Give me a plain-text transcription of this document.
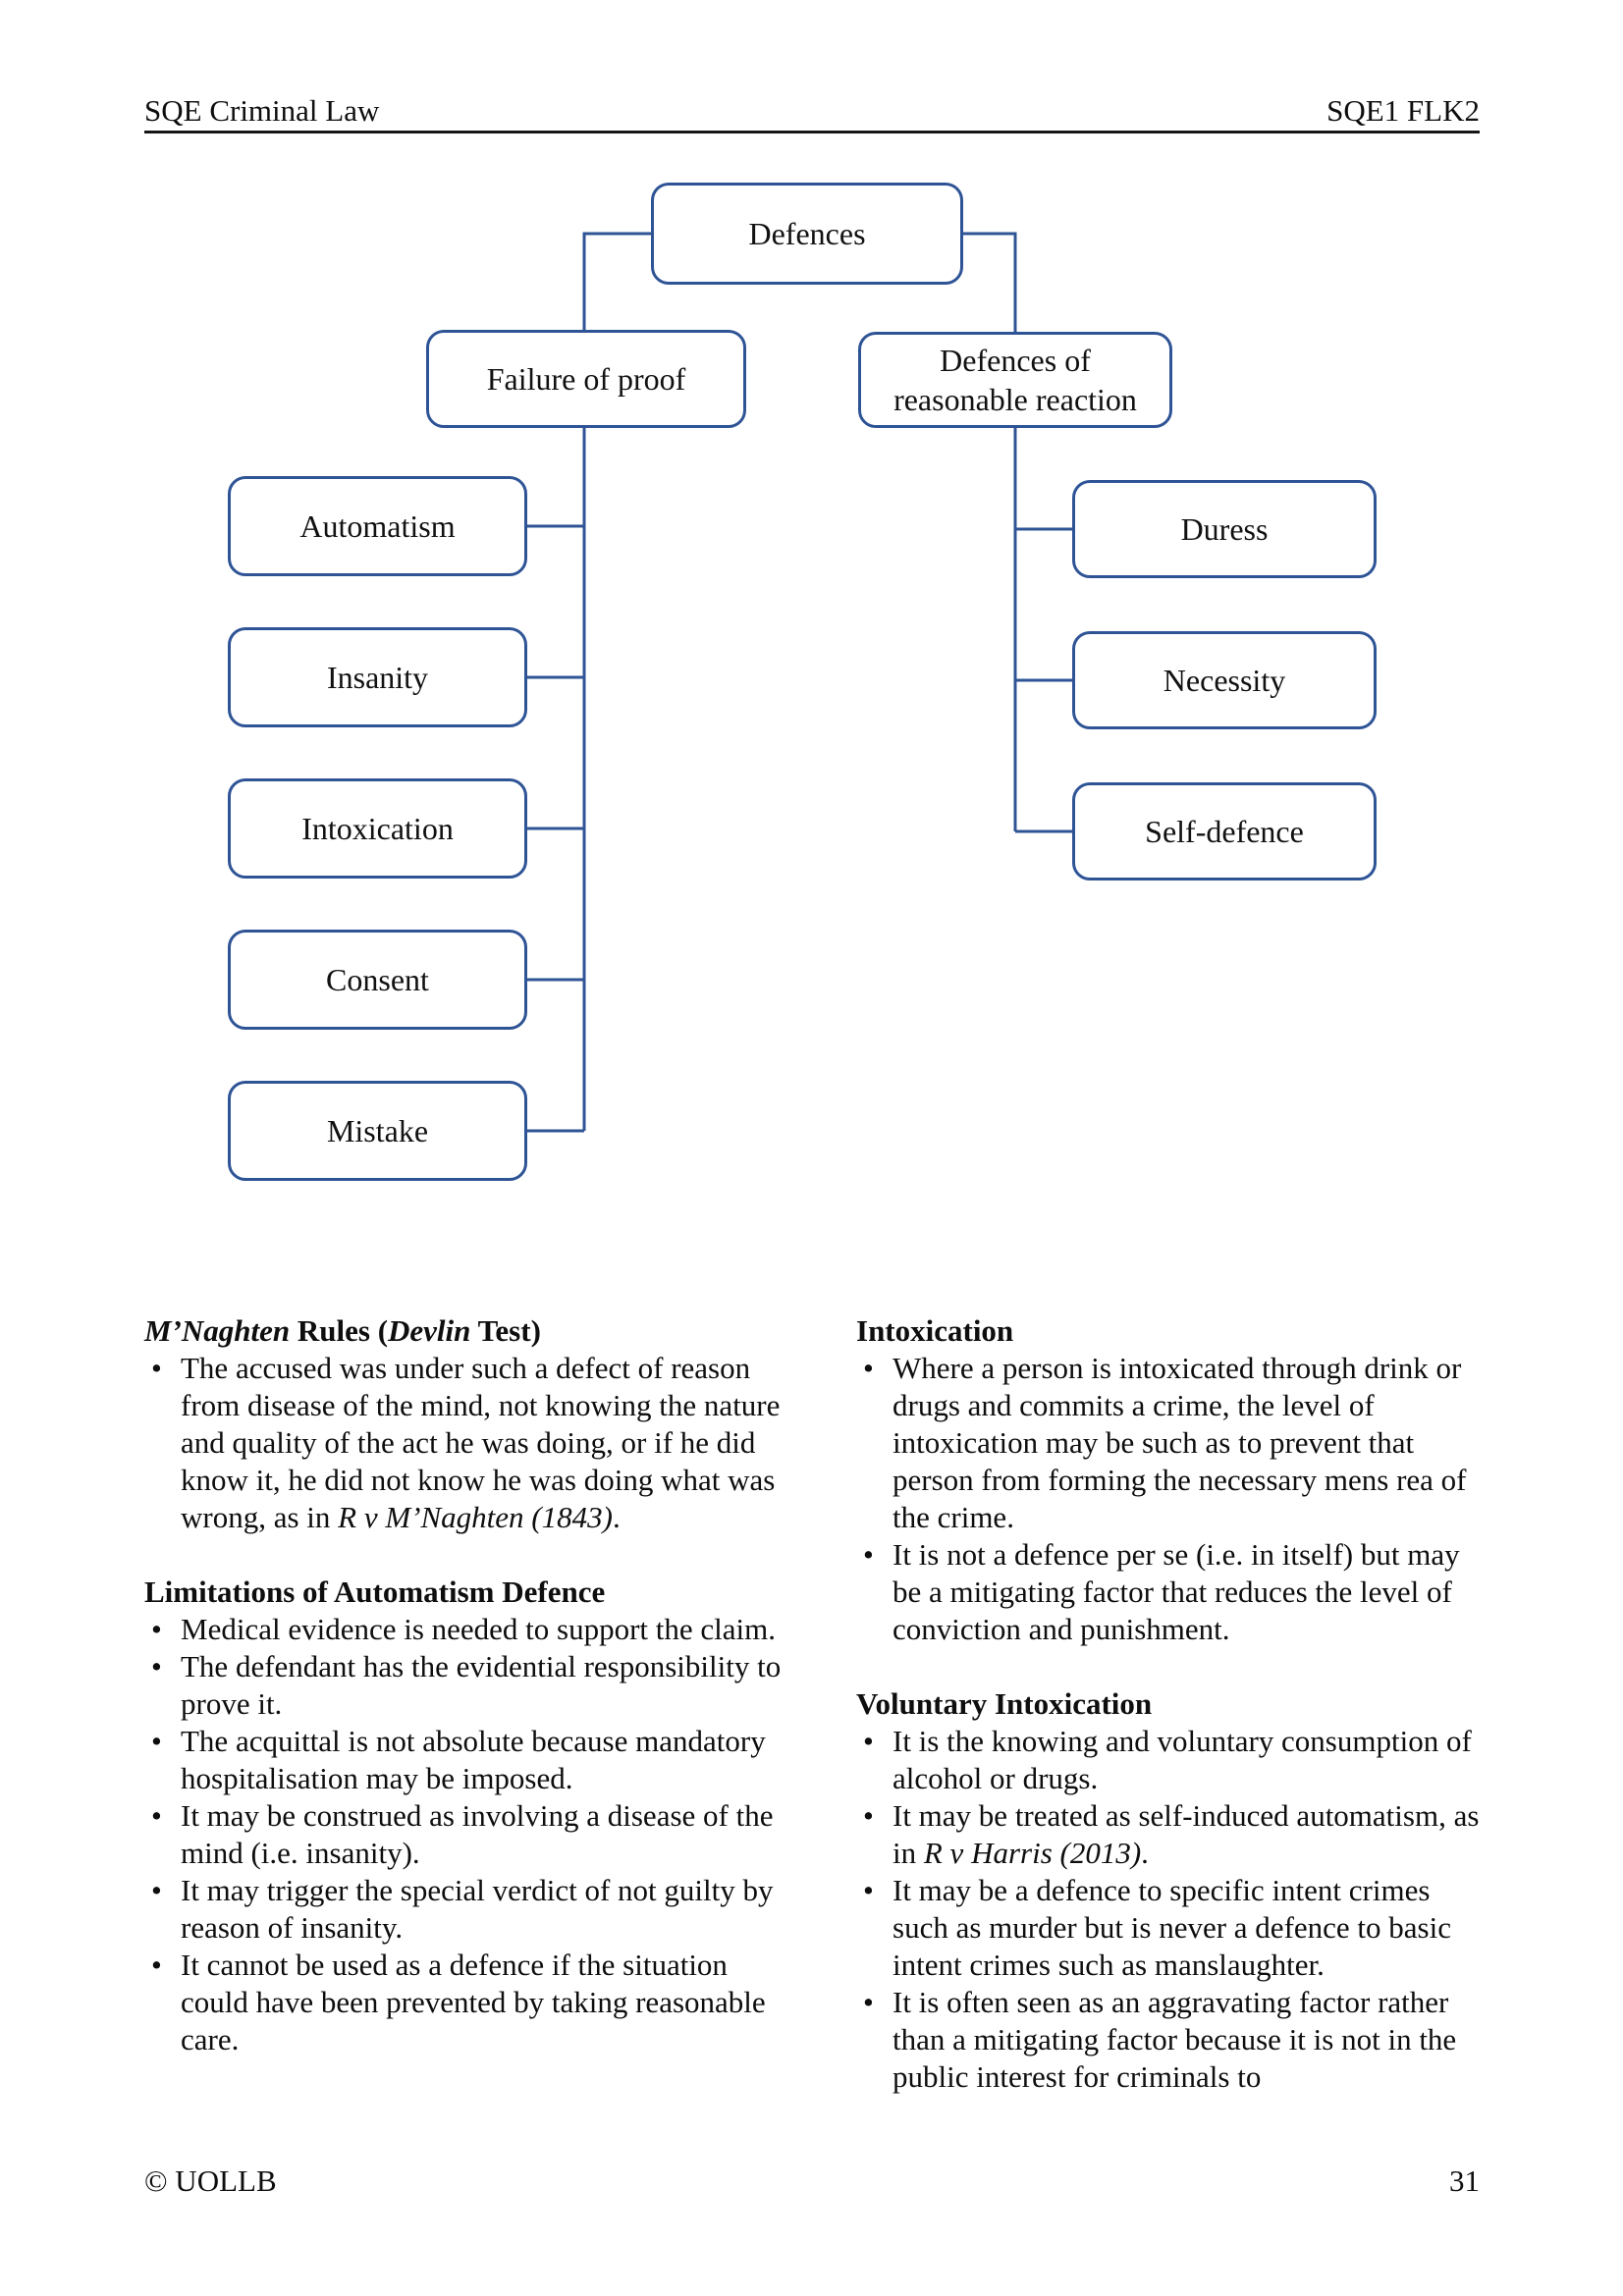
SQE Criminal Law	SQE1 FLK2
Defences
Failure of proof
Defences of reasonable reaction
Automatism
Insanity
Intoxication
Consent
Mistake
Duress
Necessity
Self-defence
M’Naghten Rules (Devlin Test)
• The accused was under such a defect of reason from disease of the mind, not knowing the nature and quality of the act he was doing, or if he did know it, he did not know he was doing what was wrong, as in R v M’Naghten (1843).
Limitations of Automatism Defence
• Medical evidence is needed to support the claim.
• The defendant has the evidential responsibility to prove it.
• The acquittal is not absolute because mandatory hospitalisation may be imposed.
• It may be construed as involving a disease of the mind (i.e. insanity).
• It may trigger the special verdict of not guilty by reason of insanity.
• It cannot be used as a defence if the situation could have been prevented by taking reasonable care.
Intoxication
• Where a person is intoxicated through drink or drugs and commits a crime, the level of intoxication may be such as to prevent that person from forming the necessary mens rea of the crime.
• It is not a defence per se (i.e. in itself) but may be a mitigating factor that reduces the level of conviction and punishment.
Voluntary Intoxication
• It is the knowing and voluntary consumption of alcohol or drugs.
• It may be treated as self-induced automatism, as in R v Harris (2013).
• It may be a defence to specific intent crimes such as murder but is never a defence to basic intent crimes such as manslaughter.
• It is often seen as an aggravating factor rather than a mitigating factor because it is not in the public interest for criminals to
© UOLLB	31
